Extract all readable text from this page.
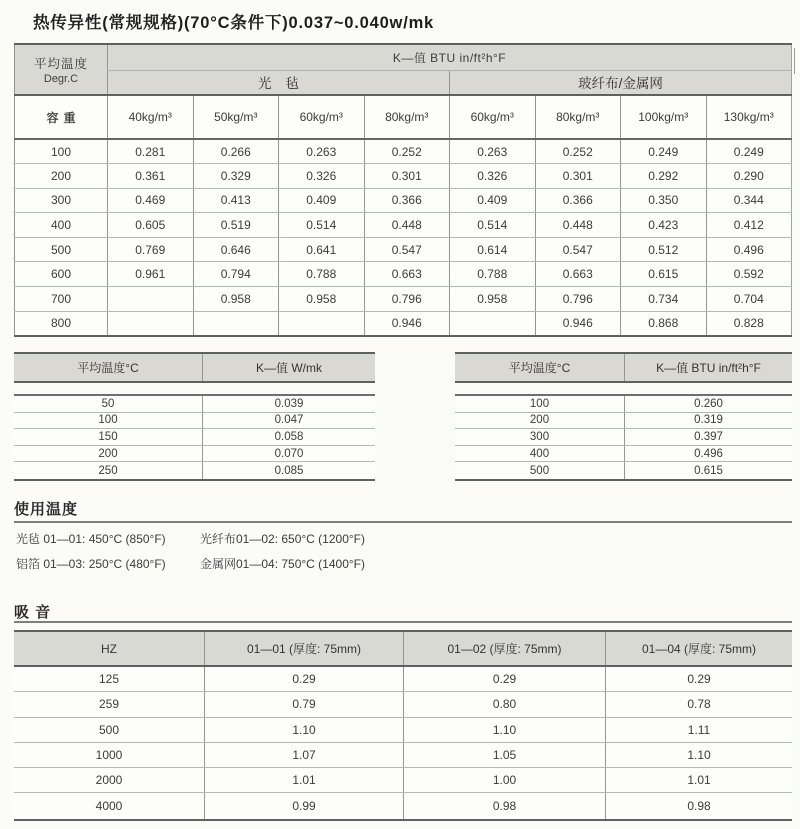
热传异性(常规规格)(70°C条件下)0.037~0.040w/mk
平均温度
Degr.C	K—值 BTU in/ft²h°F							
	光毡				玻纤布/金属网			
容重	40kg/m³	50kg/m³	60kg/m³	80kg/m³	60kg/m³	80kg/m³	100kg/m³	130kg/m³
100	0.281	0.266	0.263	0.252	0.263	0.252	0.249	0.249
200	0.361	0.329	0.326	0.301	0.326	0.301	0.292	0.290
300	0.469	0.413	0.409	0.366	0.409	0.366	0.350	0.344
400	0.605	0.519	0.514	0.448	0.514	0.448	0.423	0.412
500	0.769	0.646	0.641	0.547	0.614	0.547	0.512	0.496
600	0.961	0.794	0.788	0.663	0.788	0.663	0.615	0.592
700		0.958	0.958	0.796	0.958	0.796	0.734	0.704
800				0.946		0.946	0.868	0.828
平均温度°C	K—值 W/mk
50	0.039
100	0.047
150	0.058
200	0.070
250	0.085
平均温度°C	K—值 BTU in/ft²h°F
100	0.260
200	0.319
300	0.397
400	0.496
500	0.615
使用温度
光毡 01—01: 450°C (850°F)	光纤布01—02: 650°C (1200°F)
铝箔 01—03: 250°C (480°F)	金属网01—04: 750°C (1400°F)
吸 音
HZ	01—01 (厚度: 75mm)	01—02 (厚度: 75mm)	01—04 (厚度: 75mm)
125	0.29	0.29	0.29
259	0.79	0.80	0.78
500	1.10	1.10	1.11
1000	1.07	1.05	1.10
2000	1.01	1.00	1.01
4000	0.99	0.98	0.98
